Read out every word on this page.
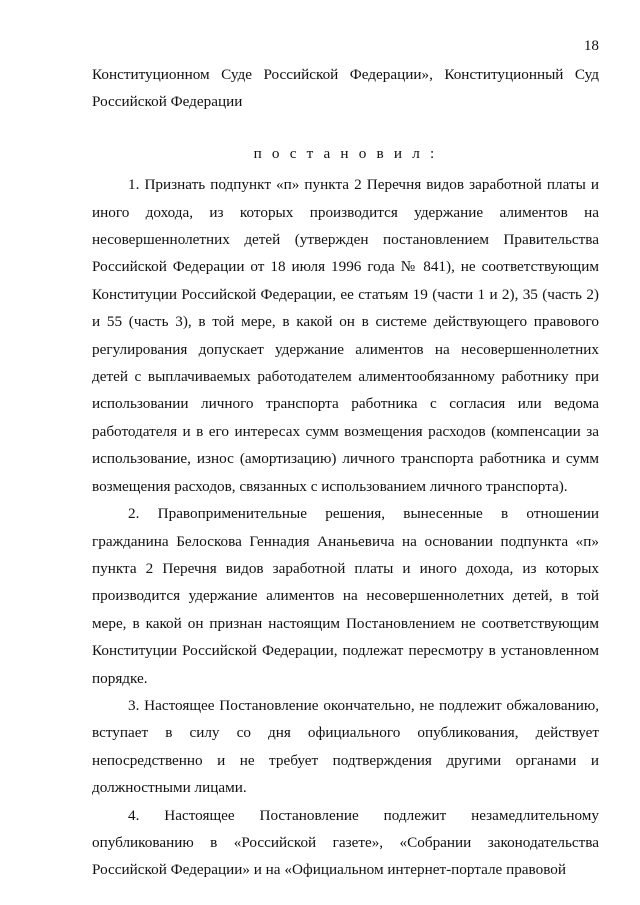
18

Конституционном Суде Российской Федерации», Конституционный Суд Российской Федерации

п о с т а н о в и л :

1. Признать подпункт «п» пункта 2 Перечня видов заработной платы и иного дохода, из которых производится удержание алиментов на несовершеннолетних детей (утвержден постановлением Правительства Российской Федерации от 18 июля 1996 года № 841), не соответствующим Конституции Российской Федерации, ее статьям 19 (части 1 и 2), 35 (часть 2) и 55 (часть 3), в той мере, в какой он в системе действующего правового регулирования допускает удержание алиментов на несовершеннолетних детей с выплачиваемых работодателем алиментообязанному работнику при использовании личного транспорта работника с согласия или ведома работодателя и в его интересах сумм возмещения расходов (компенсации за использование, износ (амортизацию) личного транспорта работника и сумм возмещения расходов, связанных с использованием личного транспорта).

2. Правоприменительные решения, вынесенные в отношении гражданина Белоскова Геннадия Ананьевича на основании подпункта «п» пункта 2 Перечня видов заработной платы и иного дохода, из которых производится удержание алиментов на несовершеннолетних детей, в той мере, в какой он признан настоящим Постановлением не соответствующим Конституции Российской Федерации, подлежат пересмотру в установленном порядке.

3. Настоящее Постановление окончательно, не подлежит обжалованию, вступает в силу со дня официального опубликования, действует непосредственно и не требует подтверждения другими органами и должностными лицами.

4. Настоящее Постановление подлежит незамедлительному опубликованию в «Российской газете», «Собрании законодательства Российской Федерации» и на «Официальном интернет-портале правовой
